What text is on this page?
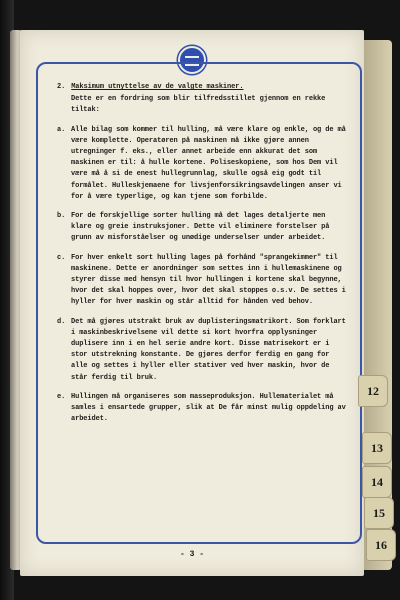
2. Maksimum utnyttelse av de valgte maskiner.

Dette er en fordring som blir tilfredsstillet gjennom en rekke tiltak:

a. Alle bilag som kommer til hulling, må være klare og enkle, og de må være komplette. Operatøren på maskinen må ikke gjøre annen utregninger f. eks., eller annet arbeide enn akkurat det som maskinen er til: å hulle kortene. Poliseskopiene, som hos Dem vil være må å si de enest hullegrunnlag, skulle også eig godt til formålet. Hulleskjemaene for livsjenforsikringsavdelingen anser vi for å være typerlige, og kan tjene som forbilde.
b. For de forskjellige sorter hulling må det lages detaljerte men klare og greie instruksjoner. Dette vil eliminere forstelser på grunn av misforståelser og unødige underselser under arbeidet.
c. For hver enkelt sort hulling lages på forhånd "sprangekimmer" til maskinene. Dette er anordninger som settes inn i hullemaskinene og styrer disse med hensyn til hvor hullingen i kortene skal begynne, hvor det skal hoppes over, hvor det skal stoppes o.s.v. De settes i hyller for hver maskin og står alltid for hånden ved behov.
d. Det må gjøres utstrakt bruk av duplisteringsmatrikort. Som forklart i maskinbeskrivelsene vil dette si kort hvorfra opplysninger duplisere inn i en hel serie andre kort. Disse matrisekort er i stor utstrekning konstante. De gjøres derfor ferdig en gang for alle og settes i hyller eller stativer ved hver maskin, hvor de står ferdig til bruk.
e. Hullingen må organiseres som masseproduksjon. Hullematerialet må samles i ensartede grupper, slik at De får minst mulig oppdeling av arbeidet.
- 3 -
12
13
14
15
16
